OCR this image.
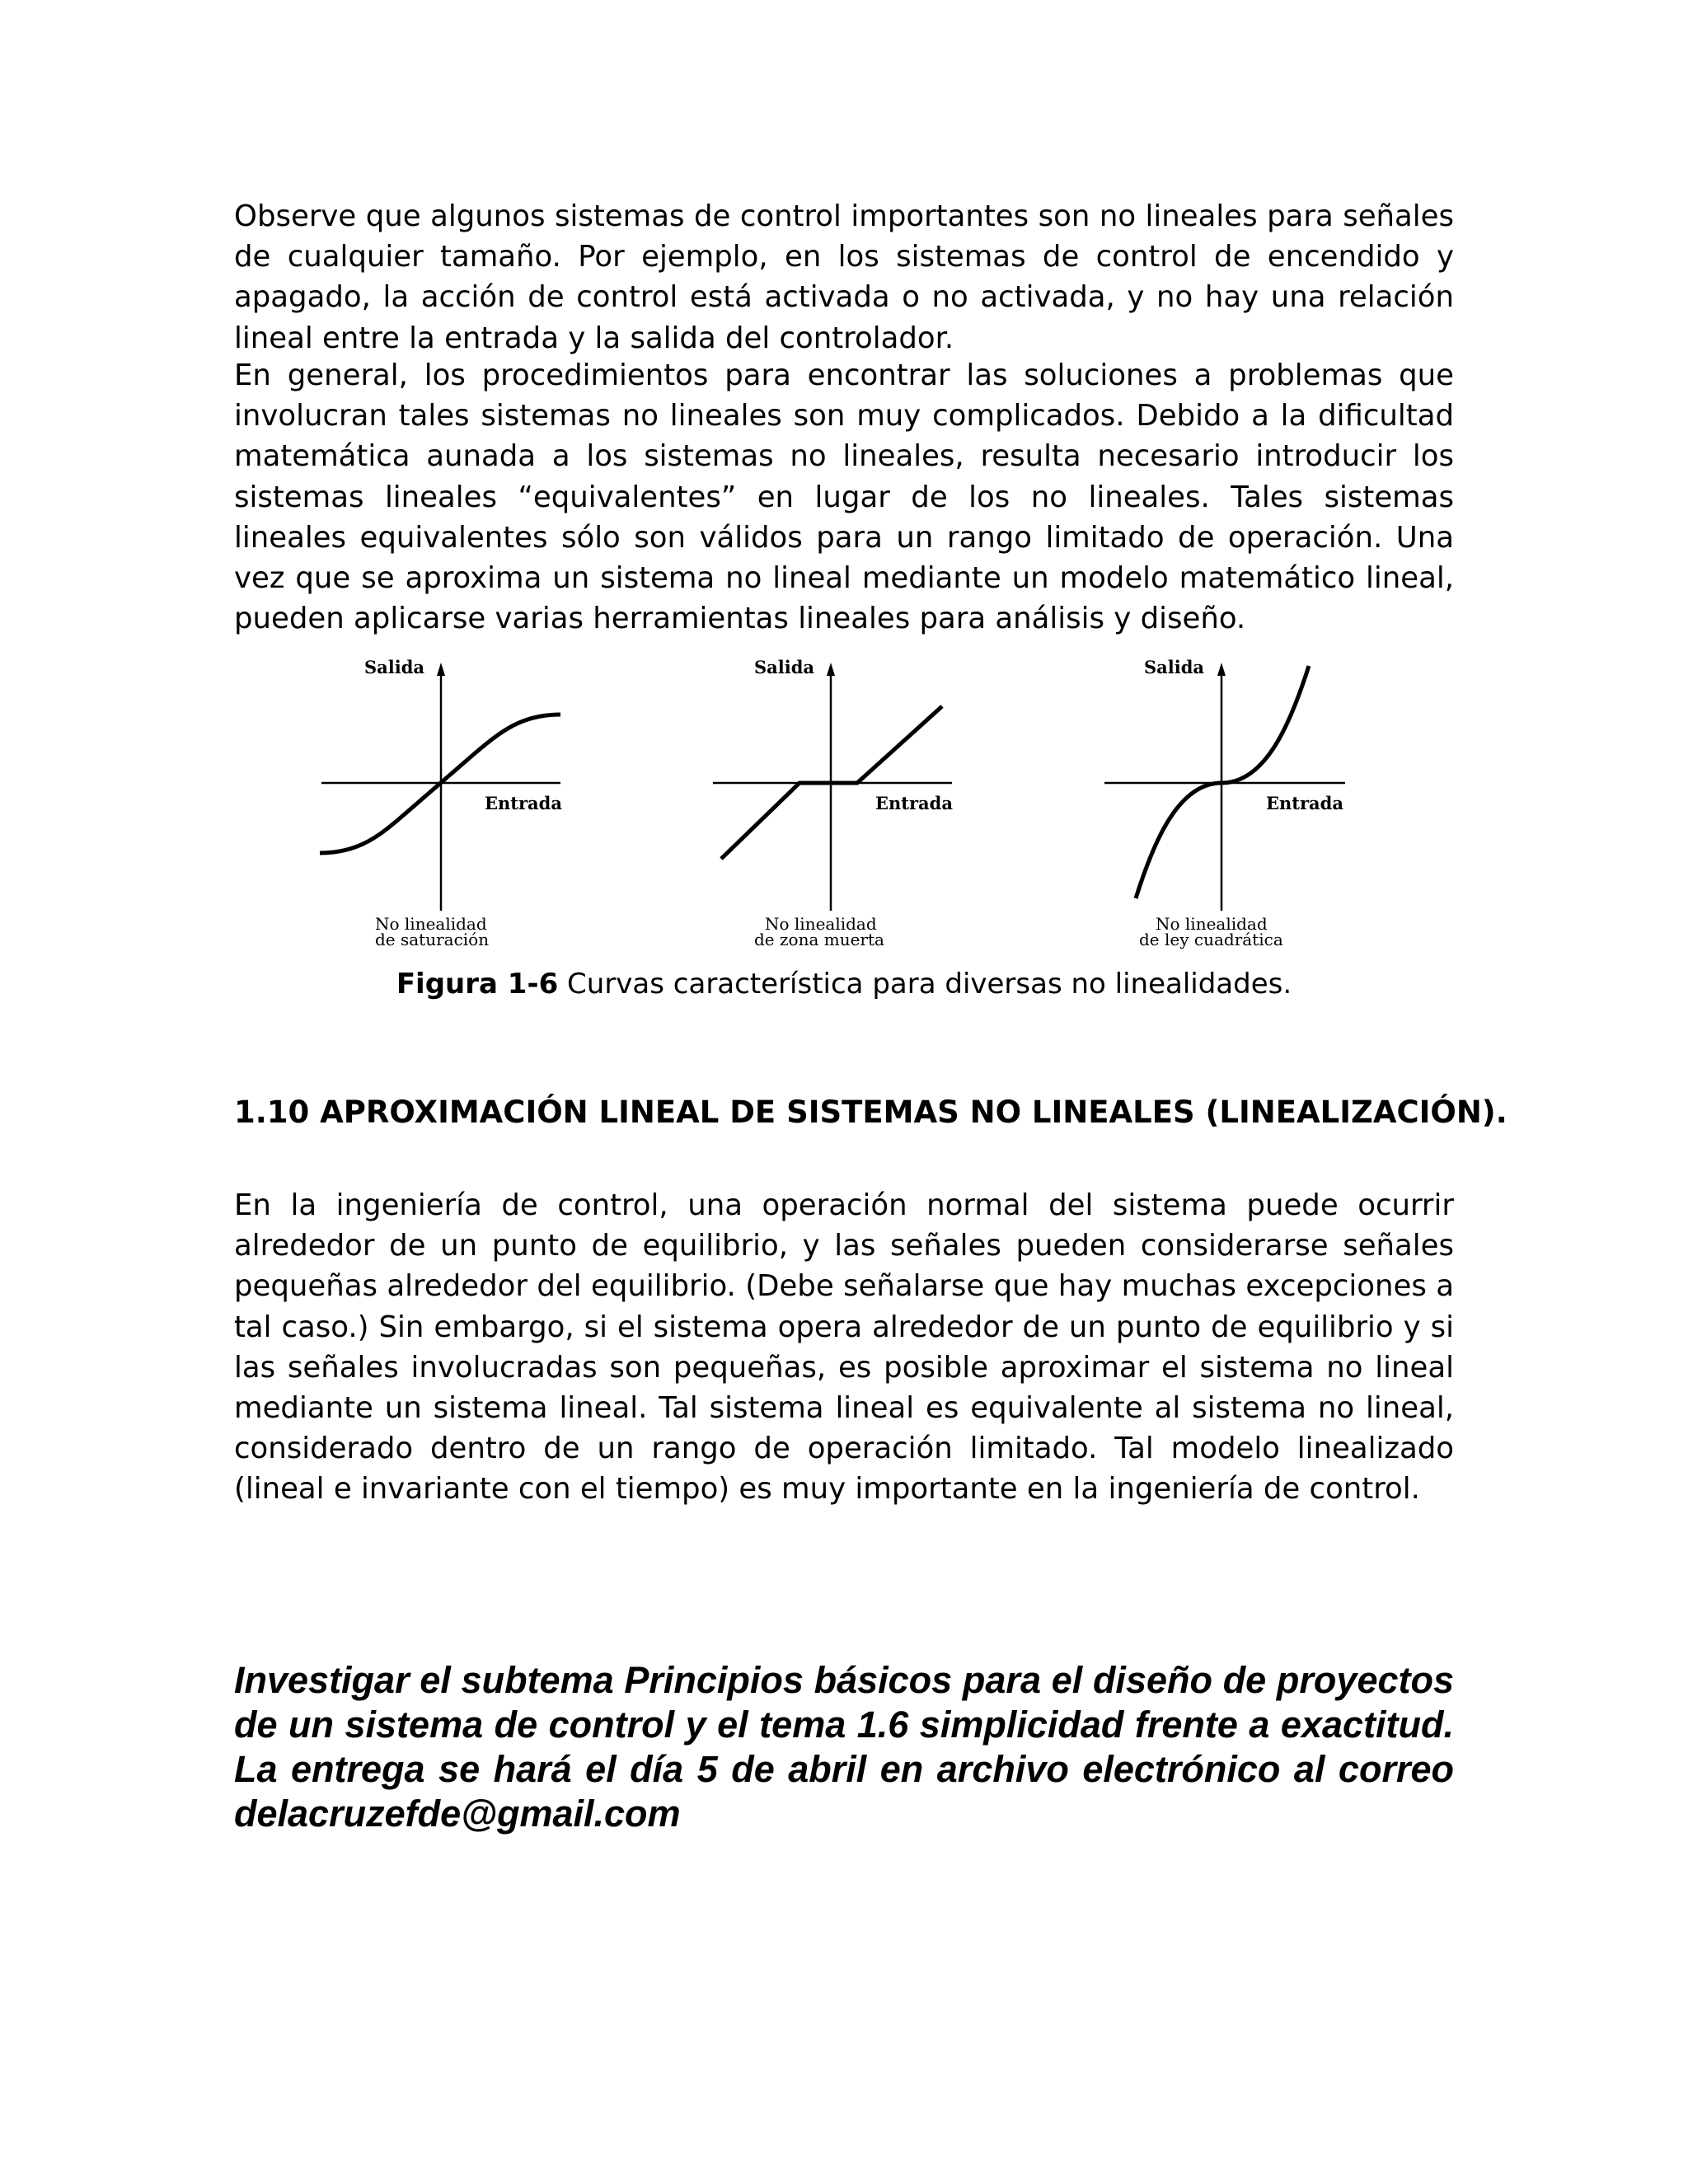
Observe que algunos sistemas de control importantes son no lineales para señales de cualquier tamaño. Por ejemplo, en los sistemas de control de encendido y apagado, la acción de control está activada o no activada, y no hay una relación lineal entre la entrada y la salida del controlador.

En general, los procedimientos para encontrar las soluciones a problemas que involucran tales sistemas no lineales son muy complicados. Debido a la dificultad matemática aunada a los sistemas no lineales, resulta necesario introducir los sistemas lineales “equivalentes” en lugar de los no lineales. Tales sistemas lineales equivalentes sólo son válidos para un rango limitado de operación. Una vez que se aproxima un sistema no lineal mediante un modelo matemático lineal, pueden aplicarse varias herramientas lineales para análisis y diseño.

Salida
Entrada
No linealidad
de saturación
Salida
Entrada
No linealidad
de zona muerta
Salida
Entrada
No linealidad
de ley cuadrática
Figura 1-6 Curvas característica para diversas no linealidades.
1.10 APROXIMACIÓN LINEAL DE SISTEMAS NO LINEALES (LINEALIZACIÓN).

En la ingeniería de control, una operación normal del sistema puede ocurrir alrededor de un punto de equilibrio, y las señales pueden considerarse señales pequeñas alrededor del equilibrio. (Debe señalarse que hay muchas excepciones a tal caso.) Sin embargo, si el sistema opera alrededor de un punto de equilibrio y si las señales involucradas son pequeñas, es posible aproximar el sistema no lineal mediante un sistema lineal. Tal sistema lineal es equivalente al sistema no lineal, considerado dentro de un rango de operación limitado. Tal modelo linealizado (lineal e invariante con el tiempo) es muy importante en la ingeniería de control.

Investigar el subtema Principios básicos para el diseño de proyectos de un sistema de control y el tema 1.6 simplicidad frente a exactitud. La entrega se hará el día 5 de abril en archivo electrónico al correo delacruzefde@gmail.com
